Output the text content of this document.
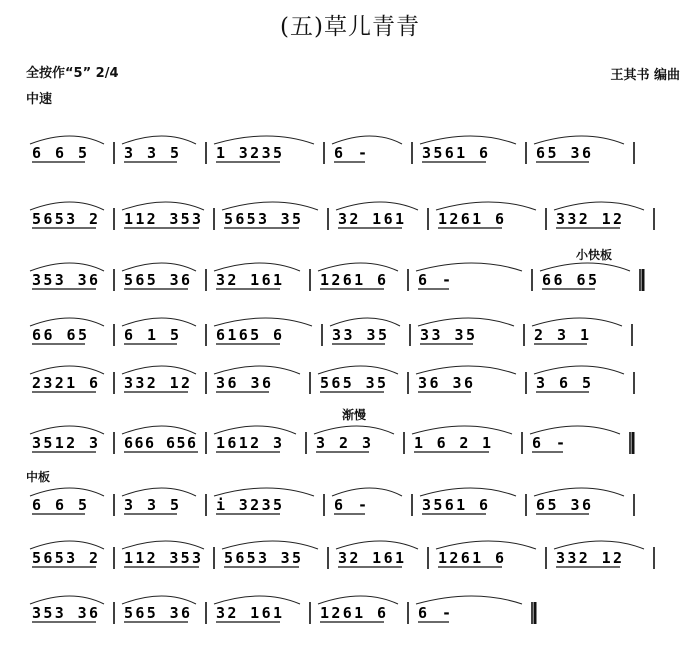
(五)草儿青青
全按作“5” 2/4
中速
王其书 编曲
6 6 5 3 3 5 1 3235	6 -	3561 6	65 36
5653 2 112 353 5653 35 32 161 1261 6	332 12
353 36 565 36 32 161	1261 6 6 -	66 65
66 65 6 1 5 6165 6	33 35 33 35	2 3 1
2321 6 332 12 36 36	565 35 36 36	3 6 5
3512 3 666 656 1612 3 3 2 3	1 6 2 1	6 -
6 6 5 3 3 5 i 3235	6 -	3561 6	65 36
5653 2 112 353 5653 35 32 161 1261 6	332 12
353 36 565 36 32 161	1261 6 6 -
小快板
渐慢
中板
